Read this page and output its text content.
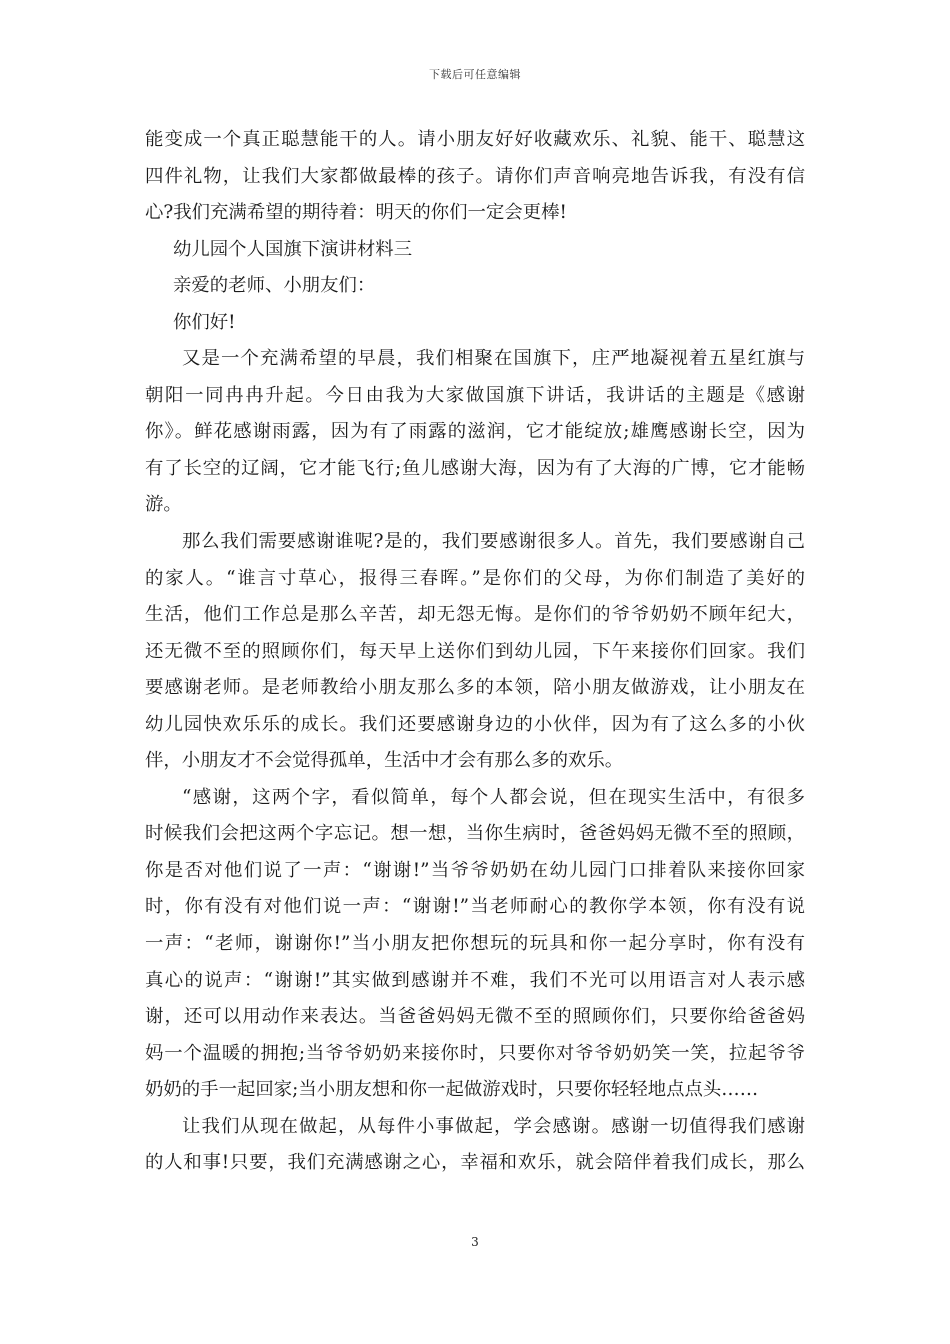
下载后可任意编辑
能变成一个真正聪慧能干的人。请小朋友好好收藏欢乐、礼貌、能干、聪慧这
四件礼物，让我们大家都做最棒的孩子。请你们声音响亮地告诉我，有没有信
心?我们充满希望的期待着：明天的你们一定会更棒!
幼儿园个人国旗下演讲材料三
亲爱的老师、小朋友们：
你们好!
又是一个充满希望的早晨，我们相聚在国旗下，庄严地凝视着五星红旗与
朝阳一同冉冉升起。今日由我为大家做国旗下讲话，我讲话的主题是《感谢
你》。鲜花感谢雨露，因为有了雨露的滋润，它才能绽放;雄鹰感谢长空，因为
有了长空的辽阔，它才能飞行;鱼儿感谢大海，因为有了大海的广博，它才能畅
游。
那么我们需要感谢谁呢?是的，我们要感谢很多人。首先，我们要感谢自己
的家人。“谁言寸草心，报得三春晖。”是你们的父母，为你们制造了美好的
生活，他们工作总是那么辛苦，却无怨无悔。是你们的爷爷奶奶不顾年纪大，
还无微不至的照顾你们，每天早上送你们到幼儿园，下午来接你们回家。我们
要感谢老师。是老师教给小朋友那么多的本领，陪小朋友做游戏，让小朋友在
幼儿园快欢乐乐的成长。我们还要感谢身边的小伙伴，因为有了这么多的小伙
伴，小朋友才不会觉得孤单，生活中才会有那么多的欢乐。
“感谢，这两个字，看似简单，每个人都会说，但在现实生活中，有很多
时候我们会把这两个字忘记。想一想，当你生病时，爸爸妈妈无微不至的照顾，
你是否对他们说了一声：“谢谢!”当爷爷奶奶在幼儿园门口排着队来接你回家
时，你有没有对他们说一声：“谢谢!”当老师耐心的教你学本领，你有没有说
一声：“老师，谢谢你!”当小朋友把你想玩的玩具和你一起分享时，你有没有
真心的说声：“谢谢!”其实做到感谢并不难，我们不光可以用语言对人表示感
谢，还可以用动作来表达。当爸爸妈妈无微不至的照顾你们，只要你给爸爸妈
妈一个温暖的拥抱;当爷爷奶奶来接你时，只要你对爷爷奶奶笑一笑，拉起爷爷
奶奶的手一起回家;当小朋友想和你一起做游戏时，只要你轻轻地点点头……
让我们从现在做起，从每件小事做起，学会感谢。感谢一切值得我们感谢
的人和事!只要，我们充满感谢之心，幸福和欢乐，就会陪伴着我们成长，那么
3
